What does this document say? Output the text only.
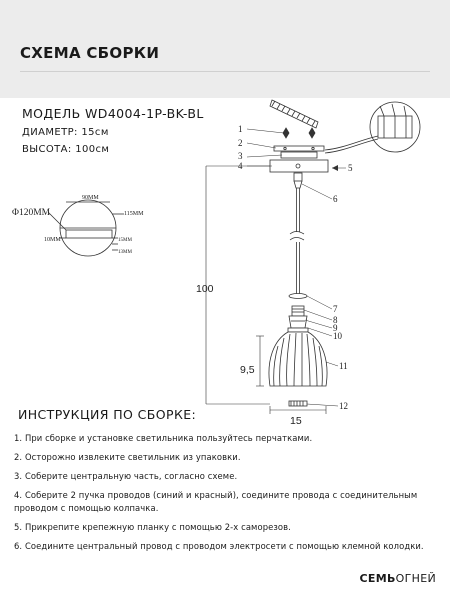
СХЕМА СБОРКИ
МОДЕЛЬ WD4004-1P-BK-BL
ДИАМЕТР: 15см
ВЫСОТА: 100см
1
2
3
4	5
6
7
8
9
10
11
12
Φ120MM
90MM
115MM
10MM	15MM
13MM
100
9,5
15
ИНСТРУКЦИЯ ПО СБОРКЕ:
1. При сборке и установке светильника пользуйтесь перчатками.
2. Осторожно извлеките светильник из упаковки.
3. Соберите центральную часть, согласно схеме.
4. Соберите 2 пучка проводов (синий и красный), соедините провода с соединительным проводом с помощью колпачка.
5. Прикрепите крепежную планку с помощью 2-х саморезов.
6. Соедините центральный провод с проводом электросети с помощью клемной колодки.
СЕМЬОГНЕЙ
